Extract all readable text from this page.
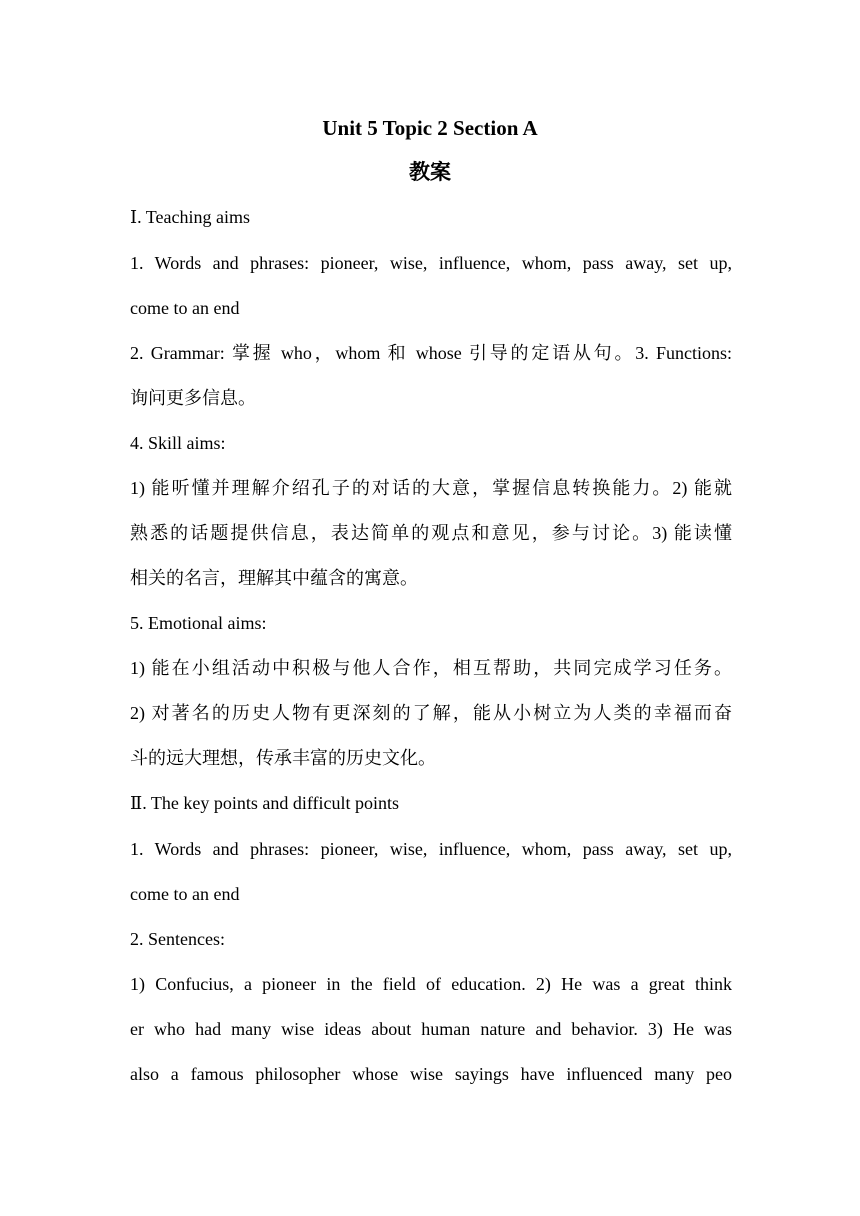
Unit 5 Topic 2 Section A
教案
Ⅰ. Teaching aims
1. Words and phrases: pioneer, wise, influence, whom, pass away, set up,
come to an end
2. Grammar: 掌握 who，whom 和 whose 引导的定语从句。3. Functions:
询问更多信息。
4. Skill aims:
1) 能听懂并理解介绍孔子的对话的大意，掌握信息转换能力。2) 能就
熟悉的话题提供信息，表达简单的观点和意见，参与讨论。3) 能读懂
相关的名言，理解其中蕴含的寓意。
5. Emotional aims:
1) 能在小组活动中积极与他人合作，相互帮助，共同完成学习任务。
2) 对著名的历史人物有更深刻的了解，能从小树立为人类的幸福而奋
斗的远大理想，传承丰富的历史文化。
Ⅱ. The key points and difficult points
1. Words and phrases: pioneer, wise, influence, whom, pass away, set up,
come to an end
2. Sentences:
1) Confucius, a pioneer in the field of education. 2) He was a great think
er who had many wise ideas about human nature and behavior. 3) He was
also a famous philosopher whose wise sayings have influenced many peo
